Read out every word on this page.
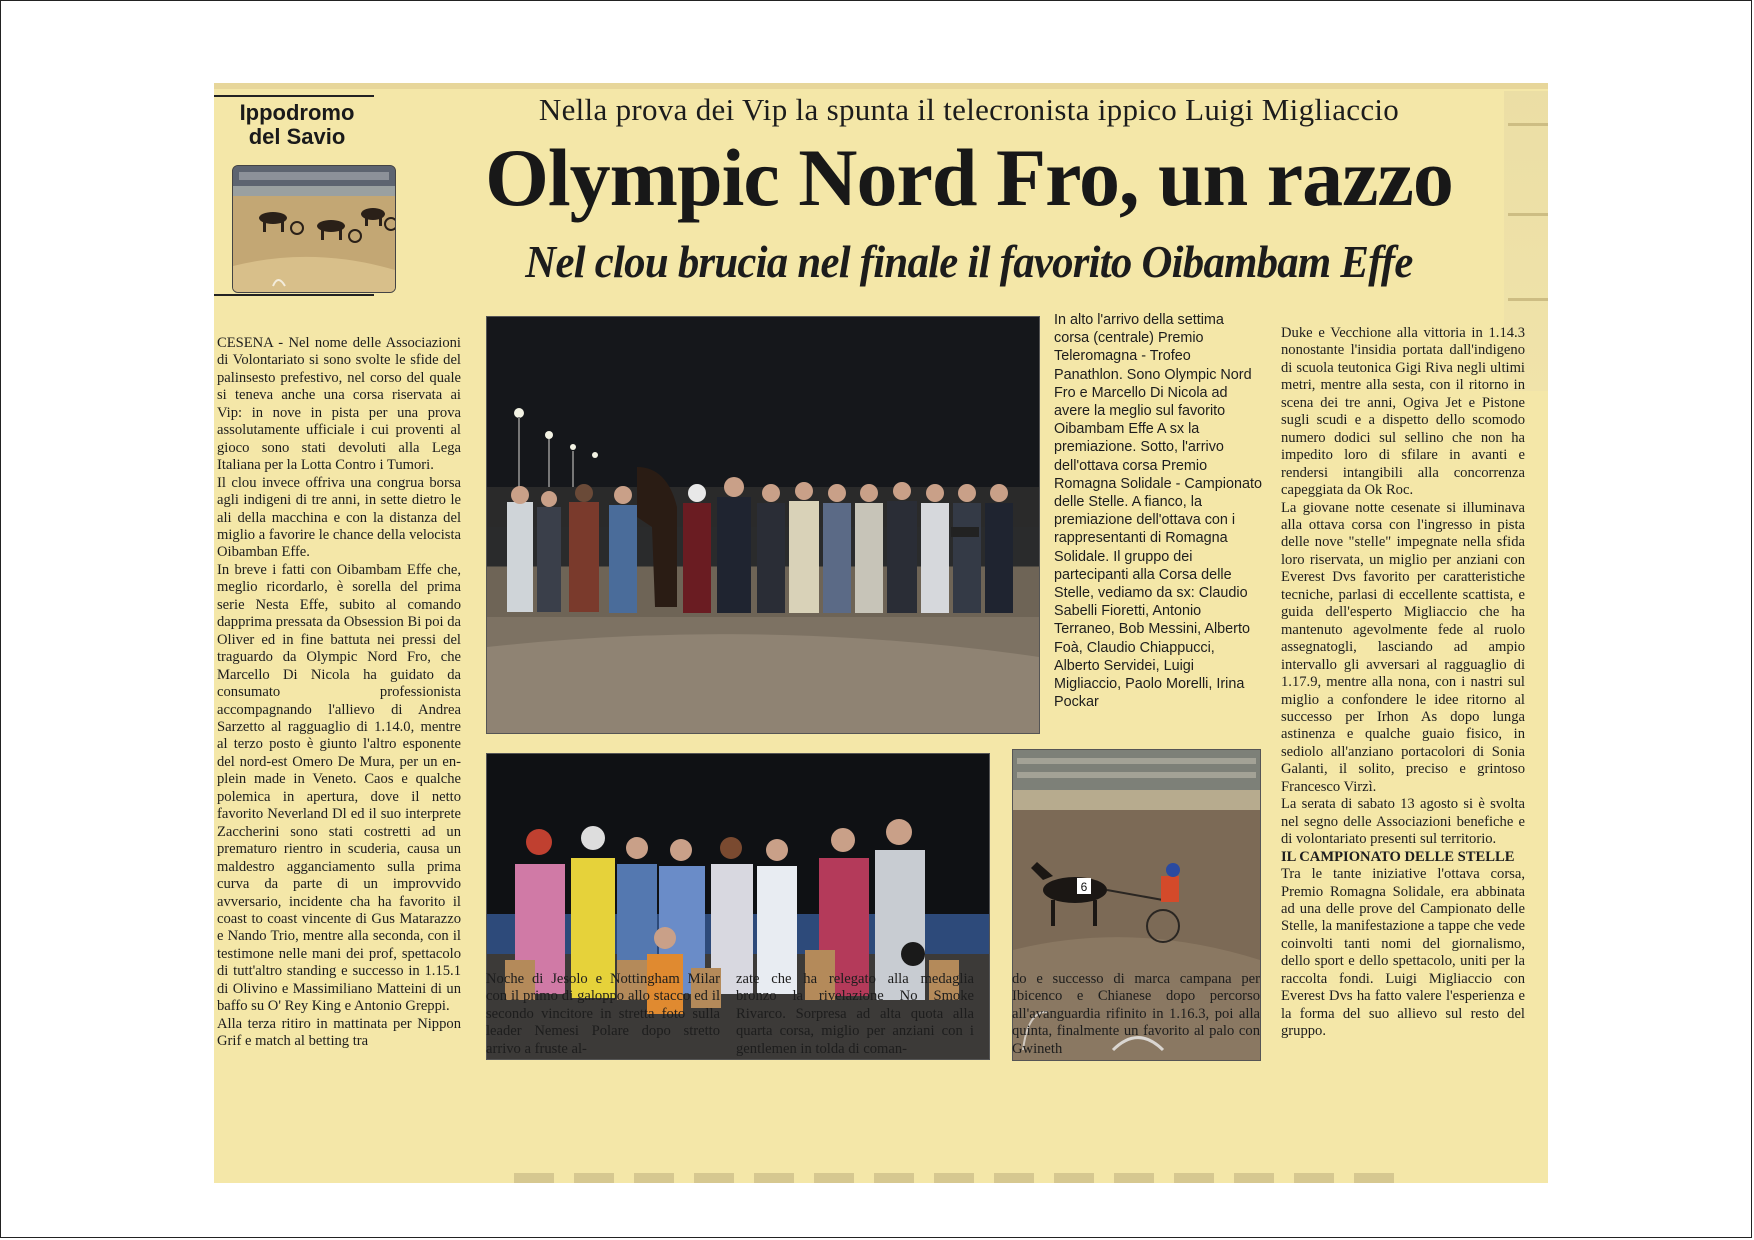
Ippodromo
del Savio
Nella prova dei Vip la spunta il telecronista ippico Luigi Migliaccio
Olympic Nord Fro, un razzo
Nel clou brucia nel finale il favorito Oibambam Effe

CESENA - Nel nome delle Associazioni di Volontariato si sono svolte le sfide del palinsesto prefestivo, nel corso del quale si teneva anche una corsa riservata ai Vip: in nove in pista per una prova assolutamente ufficiale i cui proventi al gioco sono stati devoluti alla Lega Italiana per la Lotta Contro i Tumori.

Il clou invece offriva una congrua borsa agli indigeni di tre anni, in sette dietro le ali della macchina e con la distanza del miglio a favorire le chance della velocista Oibamban Effe.

In breve i fatti con Oibambam Effe che, meglio ricordarlo, è sorella del prima serie Nesta Effe, subito al comando dapprima pressata da Obsession Bi poi da Oliver ed in fine battuta nei pressi del traguardo da Olympic Nord Fro, che Marcello Di Nicola ha guidato da consumato professionista accompagnando l'allievo di Andrea Sarzetto al ragguaglio di 1.14.0, mentre al terzo posto è giunto l'altro esponente del nord-est Omero De Mura, per un en-plein made in Veneto. Caos e qualche polemica in apertura, dove il netto favorito Neverland Dl ed il suo interprete Zaccherini sono stati costretti ad un prematuro rientro in scuderia, causa un maldestro agganciamento sulla prima curva da parte di un improvvido avversario, incidente cha ha favorito il coast to coast vincente di Gus Matarazzo e Nando Trio, mentre alla seconda, con il testimone nelle mani dei prof, spettacolo di tutt'altro standing e successo in 1.15.1 di Olivino e Massimiliano Matteini di un baffo su O' Rey King e Antonio Greppi.

Alla terza ritiro in mattinata per Nippon Grif e match al betting tra

In alto l'arrivo della settima corsa (centrale) Premio Teleromagna - Trofeo Panathlon. Sono Olympic Nord Fro e Marcello Di Nicola ad avere la meglio sul favorito Oibambam Effe A sx la premiazione. Sotto, l'arrivo dell'ottava corsa Premio Romagna Solidale - Campionato delle Stelle. A fianco, la premiazione dell'ottava con i rappresentanti di Romagna Solidale. Il gruppo dei partecipanti alla Corsa delle Stelle, vediamo da sx: Claudio Sabelli Fioretti, Antonio Terraneo, Bob Messini, Alberto Foà, Claudio Chiappucci, Alberto Servidei, Luigi Migliaccio, Paolo Morelli, Irina Pockar

Duke e Vecchione alla vittoria in 1.14.3 nonostante l'insidia portata dall'indigeno di scuola teutonica Gigi Riva negli ultimi metri, mentre alla sesta, con il ritorno in scena dei tre anni, Ogiva Jet e Pistone sugli scudi e a dispetto dello scomodo numero dodici sul sellino che non ha impedito loro di sfilare in avanti e rendersi intangibili alla concorrenza capeggiata da Ok Roc.

La giovane notte cesenate si illuminava alla ottava corsa con l'ingresso in pista delle nove "stelle" impegnate nella sfida loro riservata, un miglio per anziani con Everest Dvs favorito per caratteristiche tecniche, parlasi di eccellente scattista, e guida dell'esperto Migliaccio che ha mantenuto agevolmente fede al ruolo assegnatogli, lasciando ad ampio intervallo gli avversari al ragguaglio di 1.17.9, mentre alla nona, con i nastri sul miglio a confondere le idee ritorno al successo per Irhon As dopo lunga astinenza e qualche guaio fisico, in sediolo all'anziano portacolori di Sonia Galanti, il solito, preciso e grintoso Francesco Virzì.

La serata di sabato 13 agosto si è svolta nel segno delle Associazioni benefiche e di volontariato presenti sul territorio.

IL CAMPIONATO DELLE STELLE

Tra le tante iniziative l'ottava corsa, Premio Romagna Solidale, era abbinata ad una delle prove del Campionato delle Stelle, la manifestazione a tappe che vede coinvolti tanti nomi del giornalismo, dello sport e dello spettacolo, uniti per la raccolta fondi. Luigi Migliaccio con Everest Dvs ha fatto valere l'esperienza e la forma del suo allievo sul resto del gruppo.

6

Noche di Jesolo e Nottingham Milar con il primo di galoppo allo stacco ed il secondo vincitore in stretta foto sulla leader Nemesi Polare dopo stretto arrivo a fruste al-

zate che ha relegato alla medaglia bronzo la rivelazione No Smoke Rivarco. Sorpresa ad alta quota alla quarta corsa, miglio per anziani con i gentlemen in tolda di coman-

do e successo di marca campana per Ibicenco e Chianese dopo percorso all'avanguardia rifinito in 1.16.3, poi alla quinta, finalmente un favorito al palo con Gwineth
